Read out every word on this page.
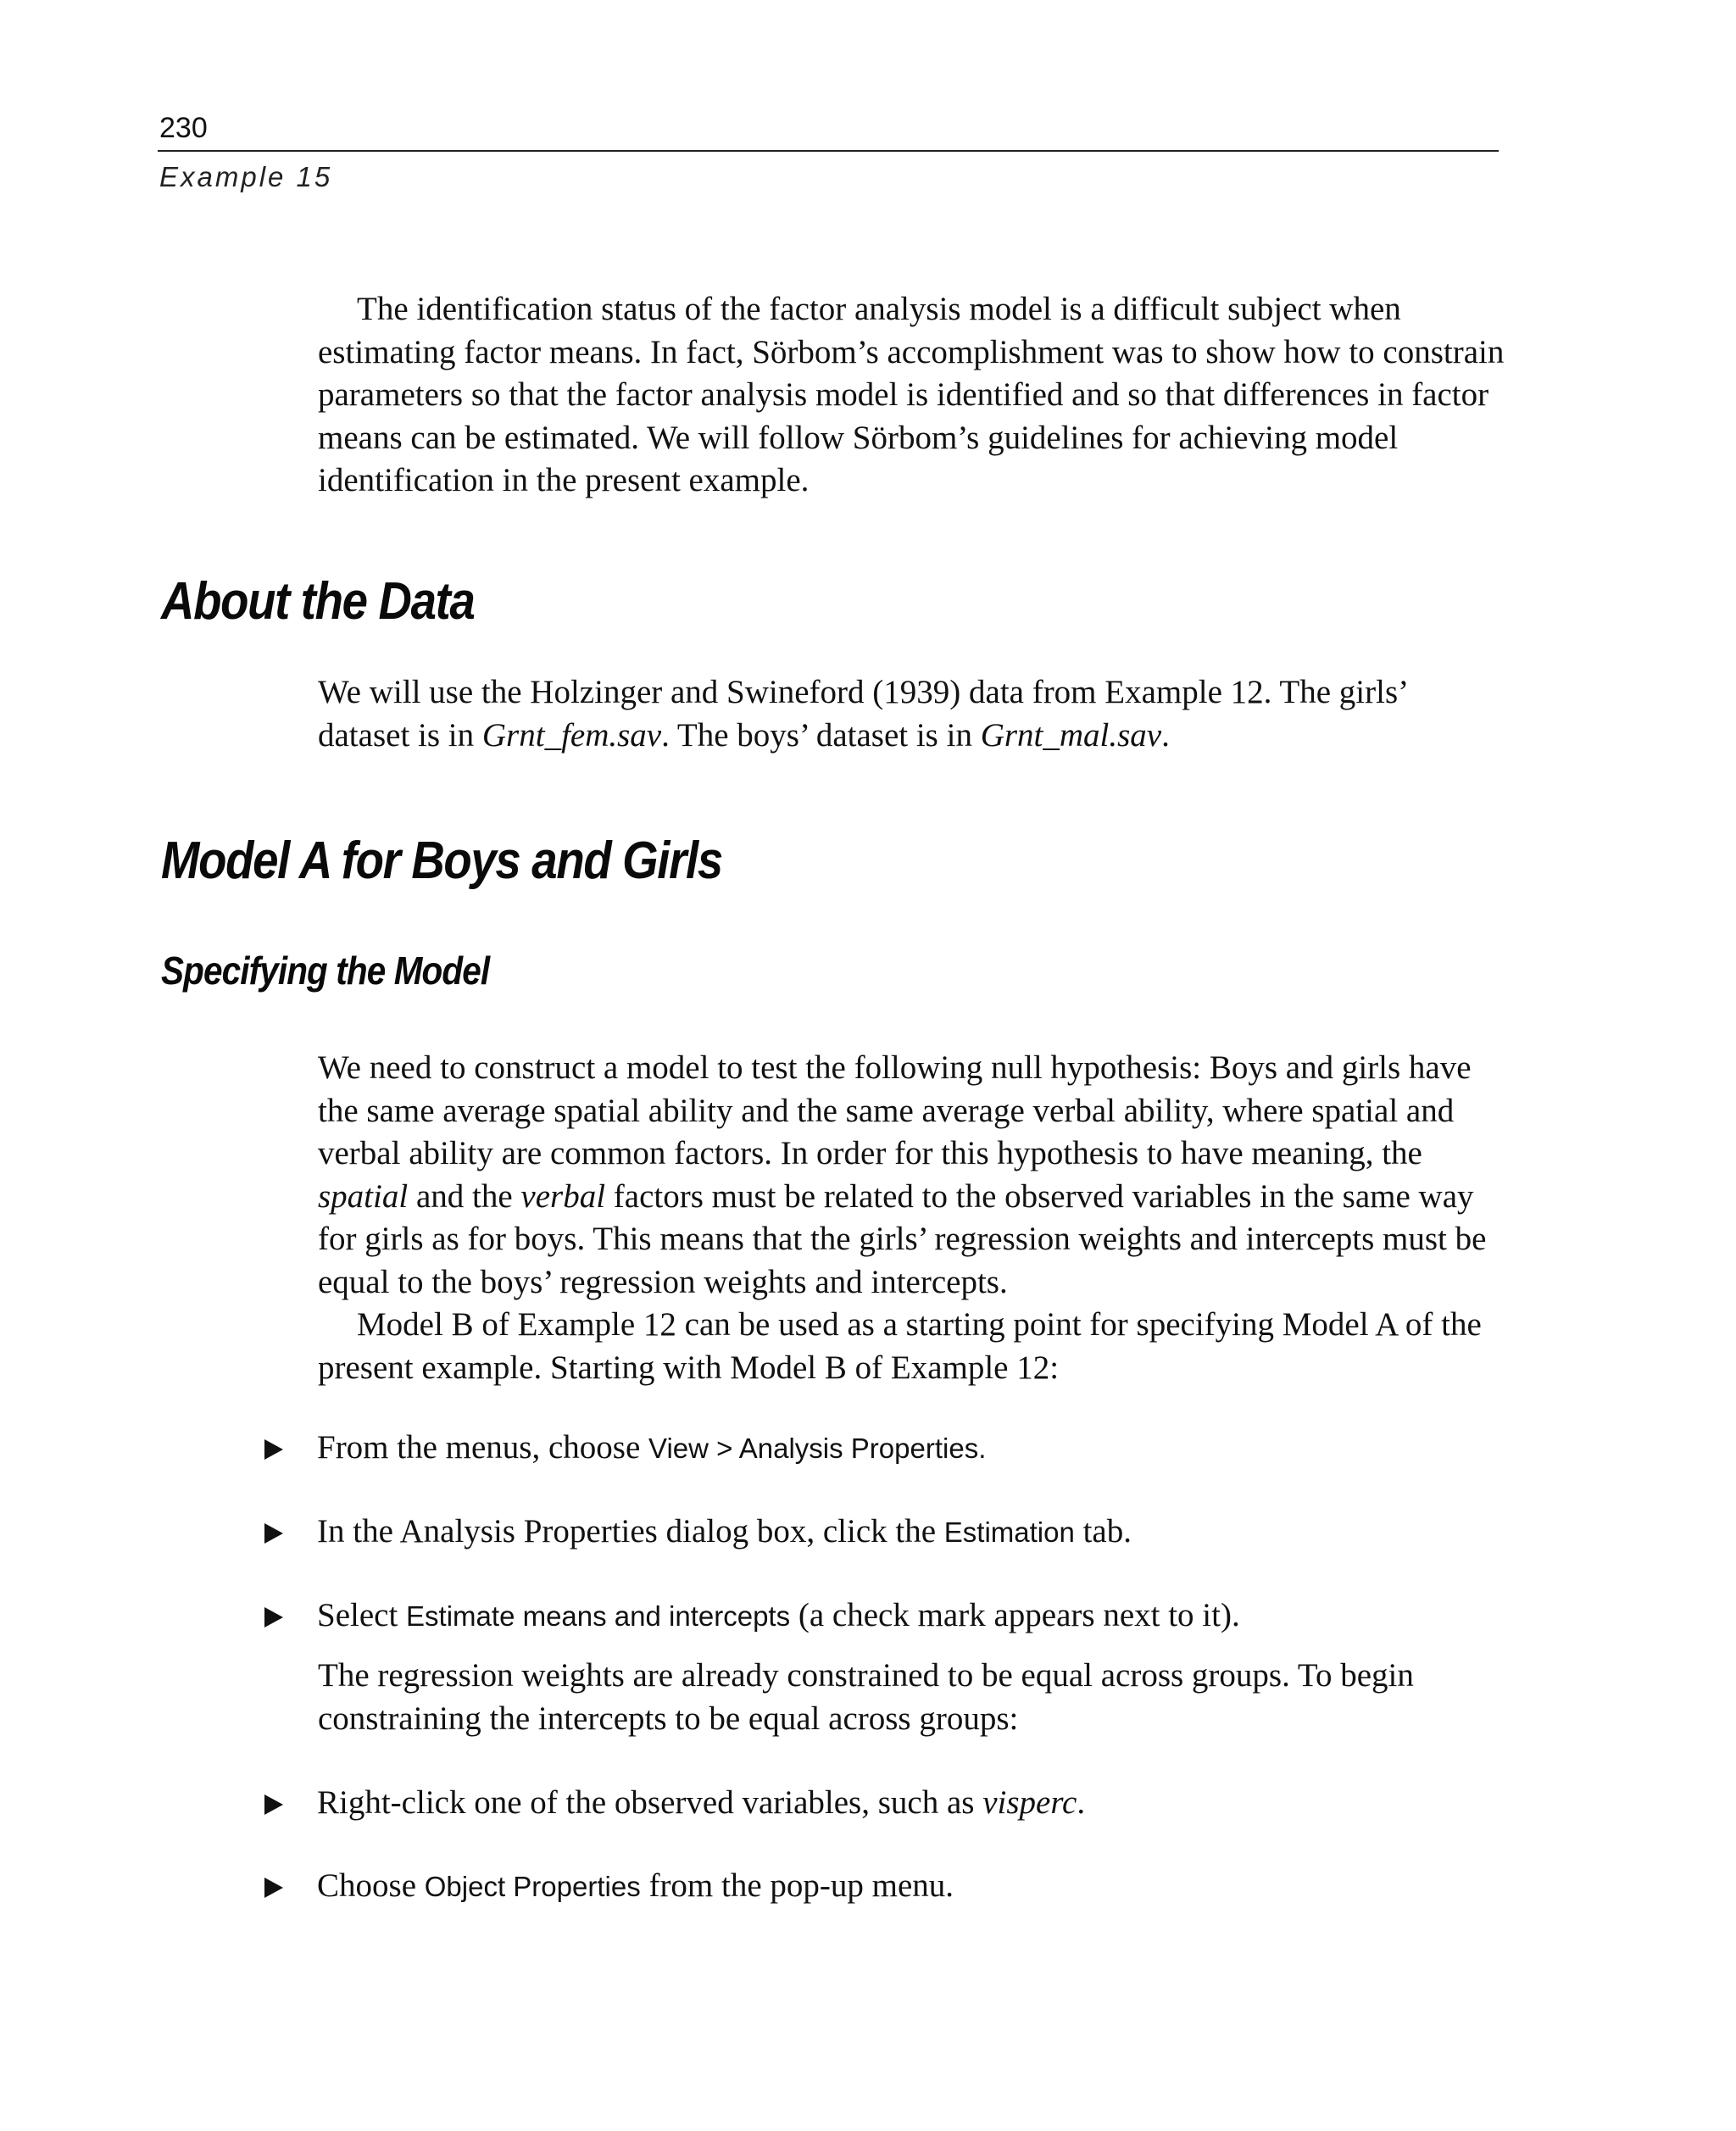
230
Example 15

The identification status of the factor analysis model is a difficult subject when estimating factor means. In fact, Sörbom’s accomplishment was to show how to constrain parameters so that the factor analysis model is identified and so that differences in factor means can be estimated. We will follow Sörbom’s guidelines for achieving model identification in the present example.

About the Data

We will use the Holzinger and Swineford (1939) data from Example 12. The girls’ dataset is in Grnt_fem.sav. The boys’ dataset is in Grnt_mal.sav.

Model A for Boys and Girls
Specifying the Model

We need to construct a model to test the following null hypothesis: Boys and girls have the same average spatial ability and the same average verbal ability, where spatial and verbal ability are common factors. In order for this hypothesis to have meaning, the spatial and the verbal factors must be related to the observed variables in the same way for girls as for boys. This means that the girls’ regression weights and intercepts must be equal to the boys’ regression weights and intercepts.

Model B of Example 12 can be used as a starting point for specifying Model A of the present example. Starting with Model B of Example 12:

From the menus, choose View > Analysis Properties.
In the Analysis Properties dialog box, click the Estimation tab.
Select Estimate means and intercepts (a check mark appears next to it).

The regression weights are already constrained to be equal across groups. To begin constraining the intercepts to be equal across groups:

Right-click one of the observed variables, such as visperc.
Choose Object Properties from the pop-up menu.
